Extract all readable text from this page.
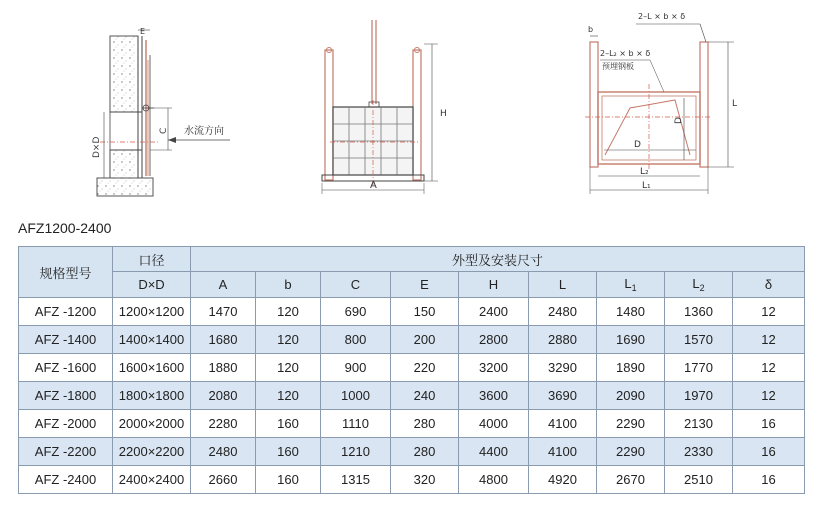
E
C
D×D
水流方向
H
A
b
2–L × b × δ
2–L₂ × b × δ
预埋钢板
L
D
D
L₂
L₁
AFZ1200-2400
规格型号	口径	外型及安装尺寸								
	D×D	A	b	C	E	H	L	$L_1$	$L_2$	δ
AFZ -1200	1200×1200	1470	120	690	150	2400	2480	1480	1360	12
AFZ -1400	1400×1400	1680	120	800	200	2800	2880	1690	1570	12
AFZ -1600	1600×1600	1880	120	900	220	3200	3290	1890	1770	12
AFZ -1800	1800×1800	2080	120	1000	240	3600	3690	2090	1970	12
AFZ -2000	2000×2000	2280	160	1110	280	4000	4100	2290	2130	16
AFZ -2200	2200×2200	2480	160	1210	280	4400	4100	2290	2330	16
AFZ -2400	2400×2400	2660	160	1315	320	4800	4920	2670	2510	16
